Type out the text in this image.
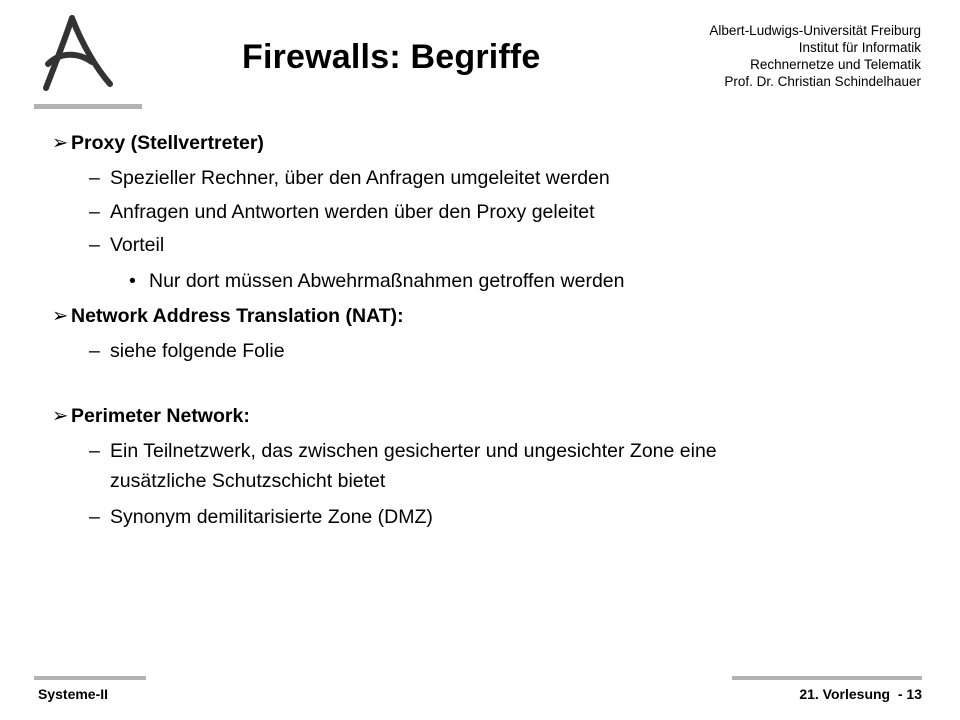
Firewalls: Begriffe
Albert-Ludwigs-Universität Freiburg
Institut für Informatik
Rechnernetze und Telematik
Prof. Dr. Christian Schindelhauer
➢ Proxy (Stellvertreter)
– Spezieller Rechner, über den Anfragen umgeleitet werden
– Anfragen und Antworten werden über den Proxy geleitet
– Vorteil
• Nur dort müssen Abwehrmaßnahmen getroffen werden
➢ Network Address Translation (NAT):
– siehe folgende Folie
➢ Perimeter Network:
– Ein Teilnetzwerk, das zwischen gesicherter und ungesichter Zone eine
zusätzliche Schutzschicht bietet
– Synonym demilitarisierte Zone (DMZ)
Systeme-II	21. Vorlesung  - 13
